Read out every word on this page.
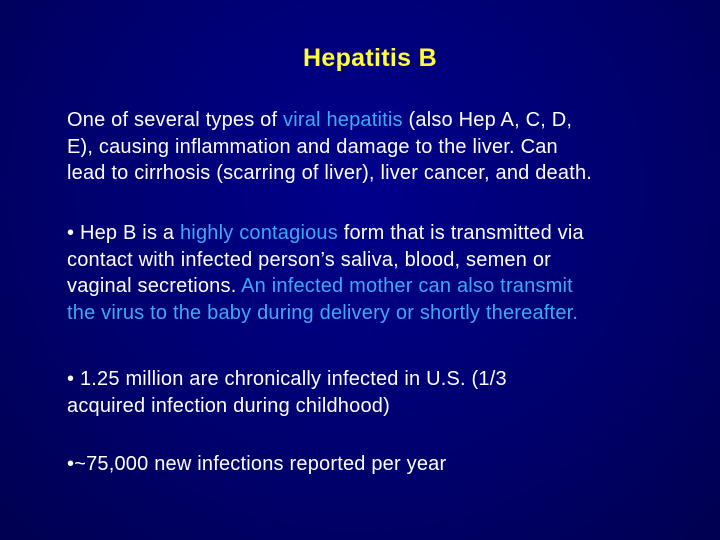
Hepatitis B
One of several types of viral hepatitis (also Hep A, C, D,
E), causing inflammation and damage to the liver. Can
lead to cirrhosis (scarring of liver), liver cancer, and death.
• Hep B is a highly contagious form that is transmitted via
contact with infected person’s saliva, blood, semen or
vaginal secretions. An infected mother can also transmit
the virus to the baby during delivery or shortly thereafter.
• 1.25 million are chronically infected in U.S. (1/3
acquired infection during childhood)
•~75,000 new infections reported per year
